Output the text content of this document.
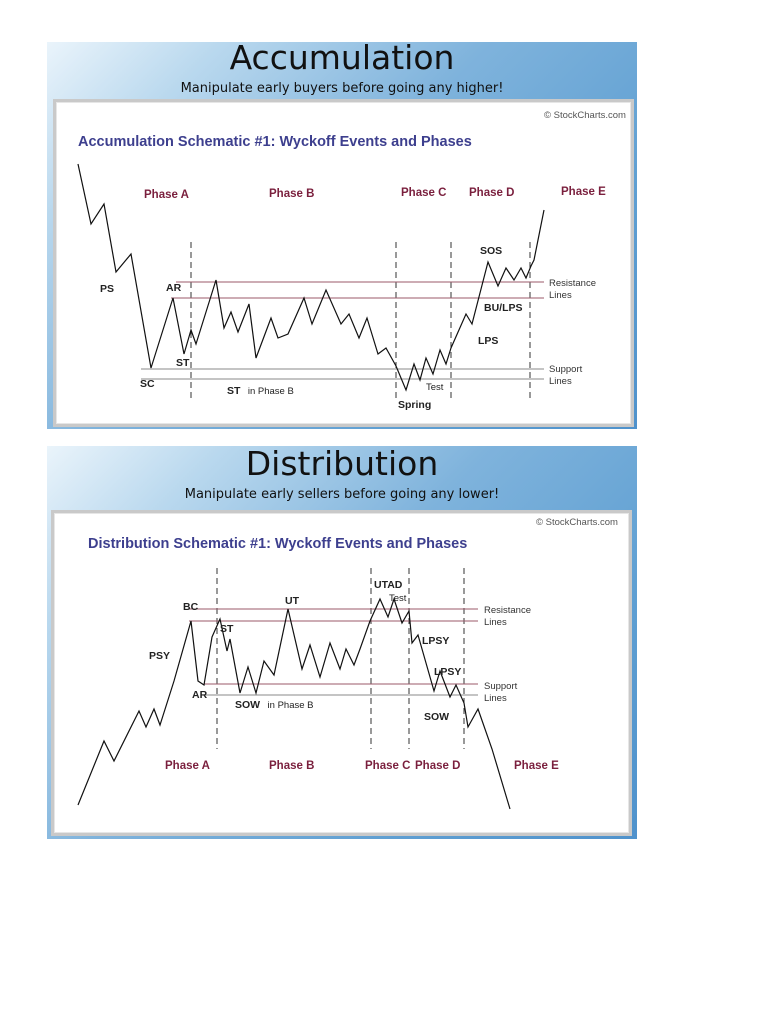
Accumulation
Manipulate early buyers before going any higher!
© StockCharts.com
Accumulation Schematic #1: Wyckoff Events and Phases
Phase A	Phase B	Phase C Phase D	Phase E
PS
SC
AR
ST
ST in Phase B
Spring
Test
LPS
BU/LPS
SOS
Resistance
Lines
Support
Lines
Distribution
Manipulate early sellers before going any lower!
© StockCharts.com
Distribution Schematic #1: Wyckoff Events and Phases
Phase A	Phase B	Phase C Phase D	Phase E
PSY
BC
AR
ST
UT
SOW in Phase B
UTAD
Test
LPSY
LPSY
SOW
Resistance
Lines
Support
Lines
